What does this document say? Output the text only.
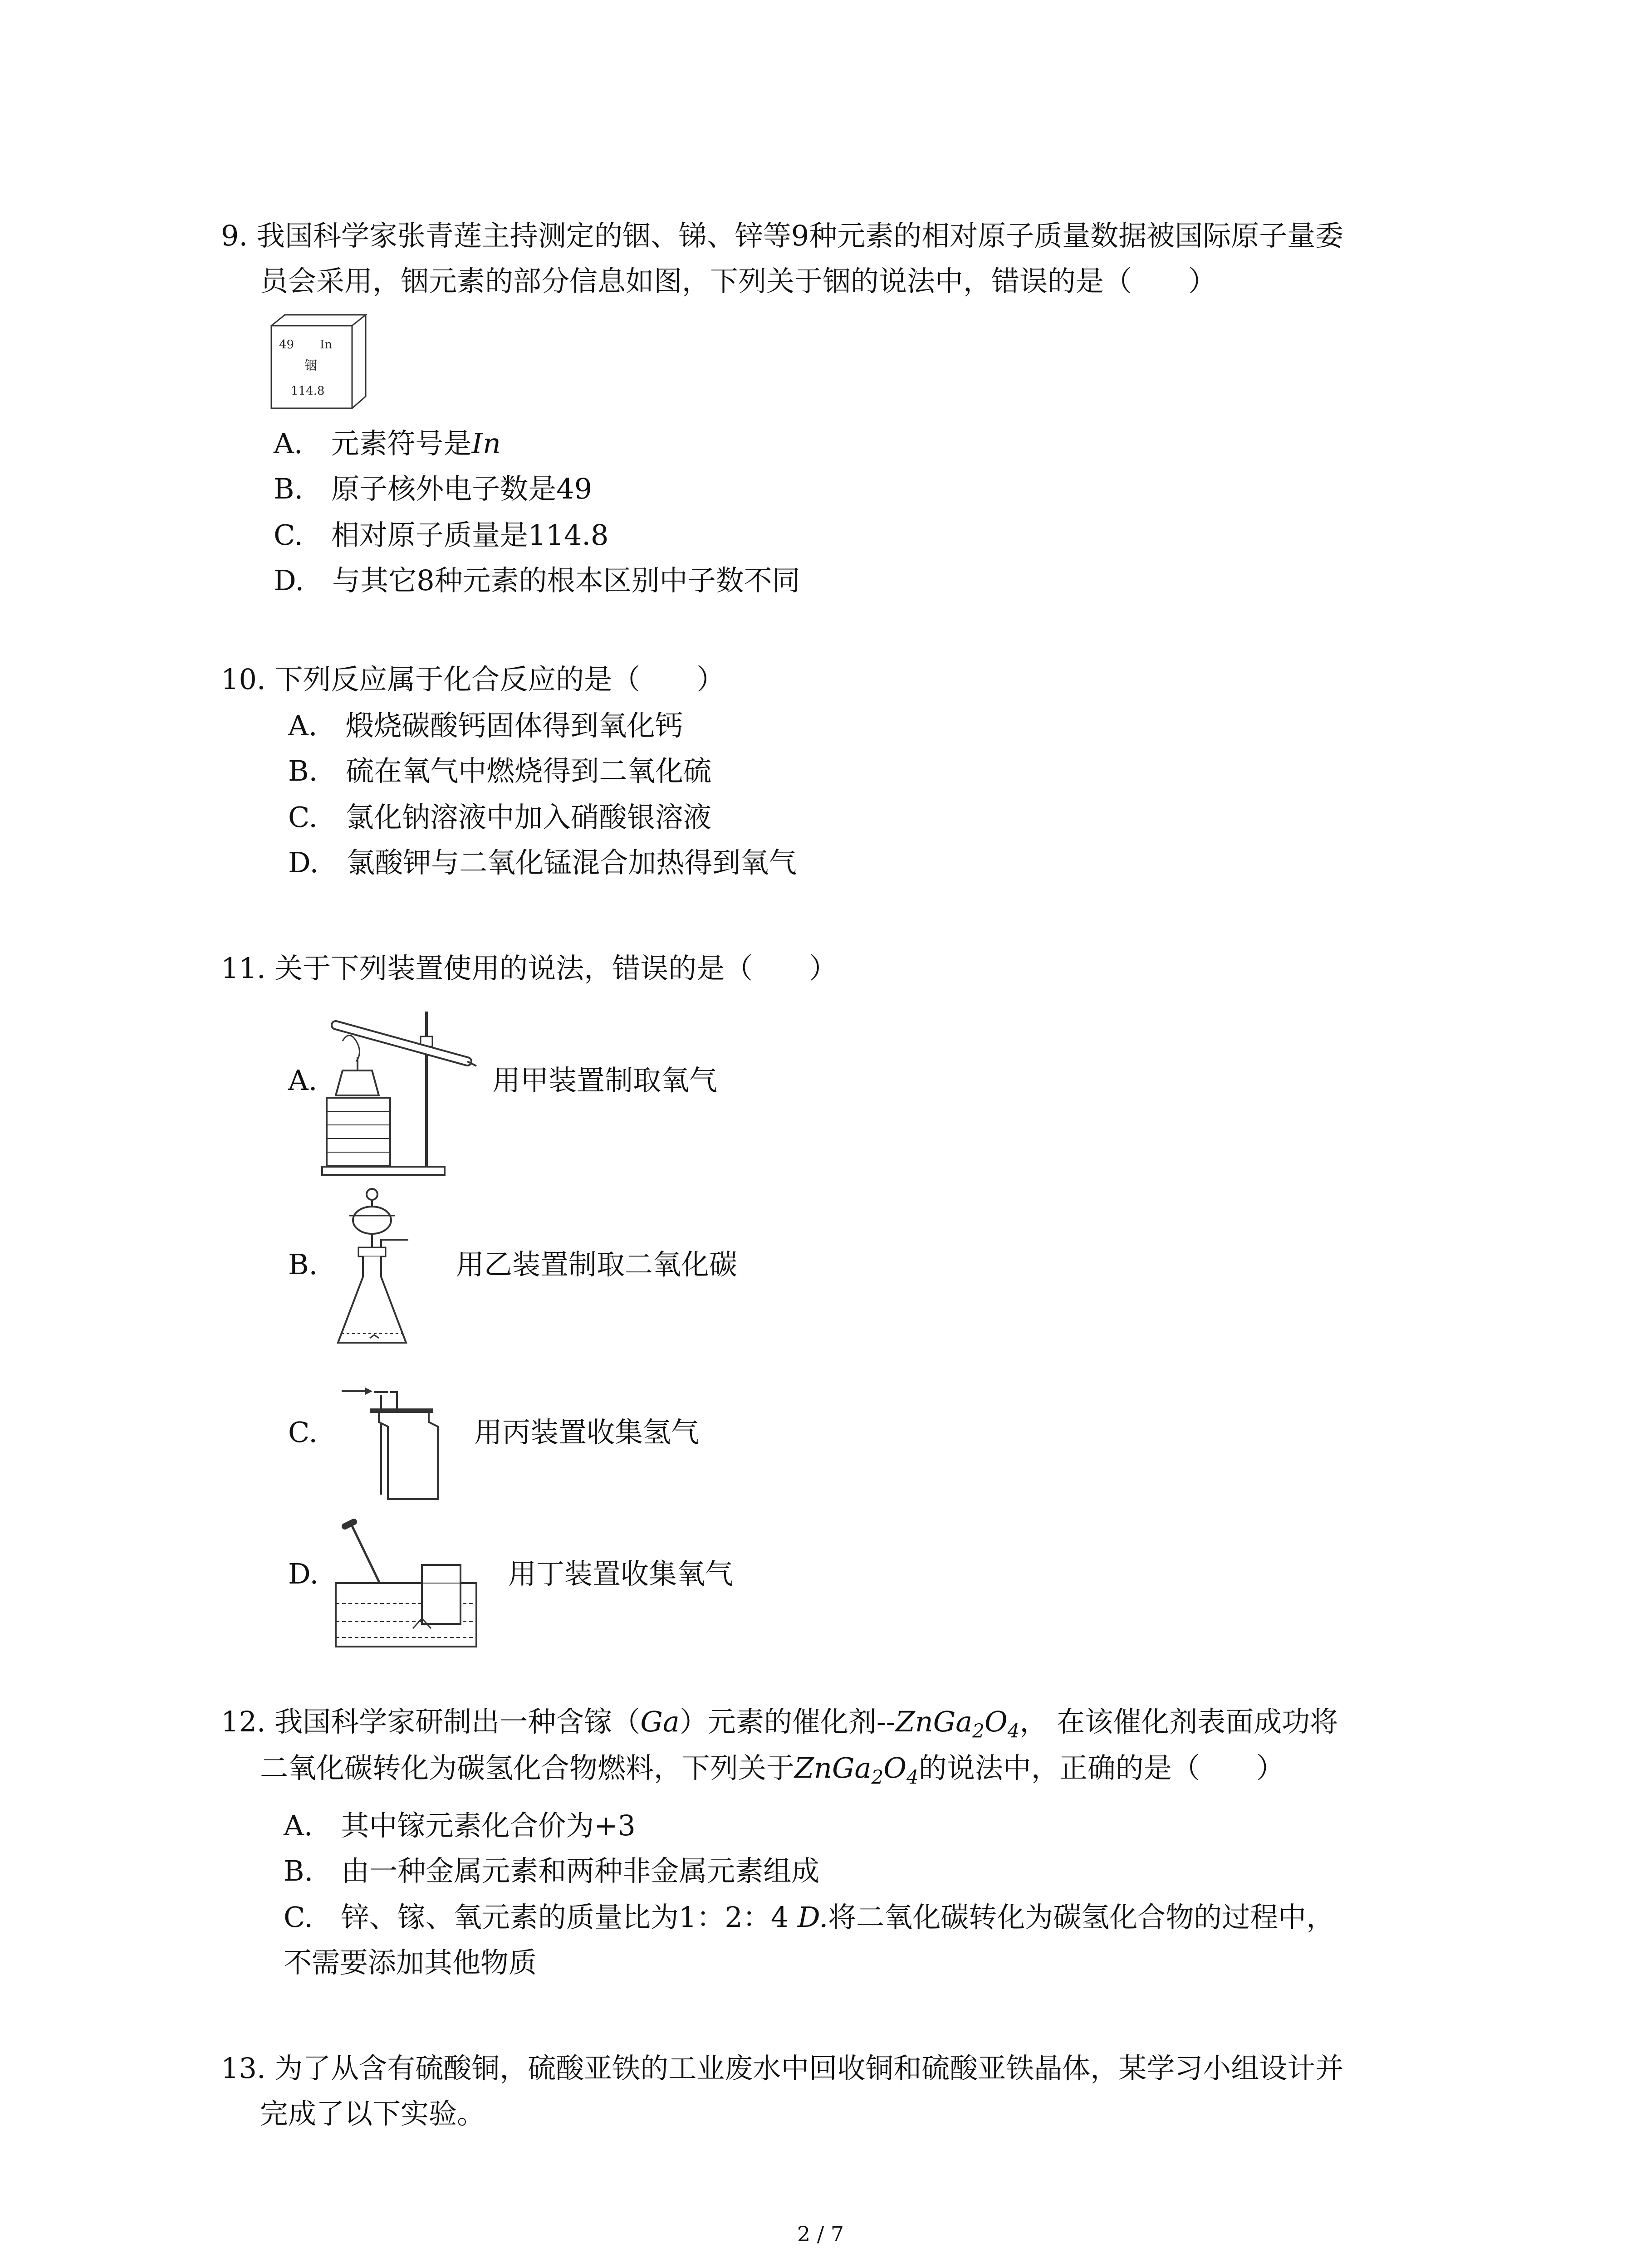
9. 我国科学家张青莲主持测定的铟、锑、锌等9种元素的相对原子质量数据被国际原子量委
员会采用，铟元素的部分信息如图，下列关于铟的说法中，错误的是（　　）
49 In
铟
114.8
A.　元素符号是In
B.　原子核外电子数是49
C.　相对原子质量是114.8
D.　与其它8种元素的根本区别中子数不同
10. 下列反应属于化合反应的是（　　）
A.　煅烧碳酸钙固体得到氧化钙
B.　硫在氧气中燃烧得到二氧化硫
C.　氯化钠溶液中加入硝酸银溶液
D.　氯酸钾与二氧化锰混合加热得到氧气
11. 关于下列装置使用的说法，错误的是（　　）
A.	用甲装置制取氧气
B.	用乙装置制取二氧化碳
C.	用丙装置收集氢气
D.	用丁装置收集氧气
12. 我国科学家研制出一种含镓（Ga）元素的催化剂$--ZnGa_2O_4$， 在该催化剂表面成功将
二氧化碳转化为碳氢化合物燃料，下列关于$ZnGa_2O_4$的说法中，正确的是（　　）
A.　其中镓元素化合价为+3
B.　由一种金属元素和两种非金属元素组成
C.　锌、镓、氧元素的质量比为1：2：4 D.将二氧化碳转化为碳氢化合物的过程中，
不需要添加其他物质
13. 为了从含有硫酸铜，硫酸亚铁的工业废水中回收铜和硫酸亚铁晶体，某学习小组设计并
完成了以下实验。
2 / 7
